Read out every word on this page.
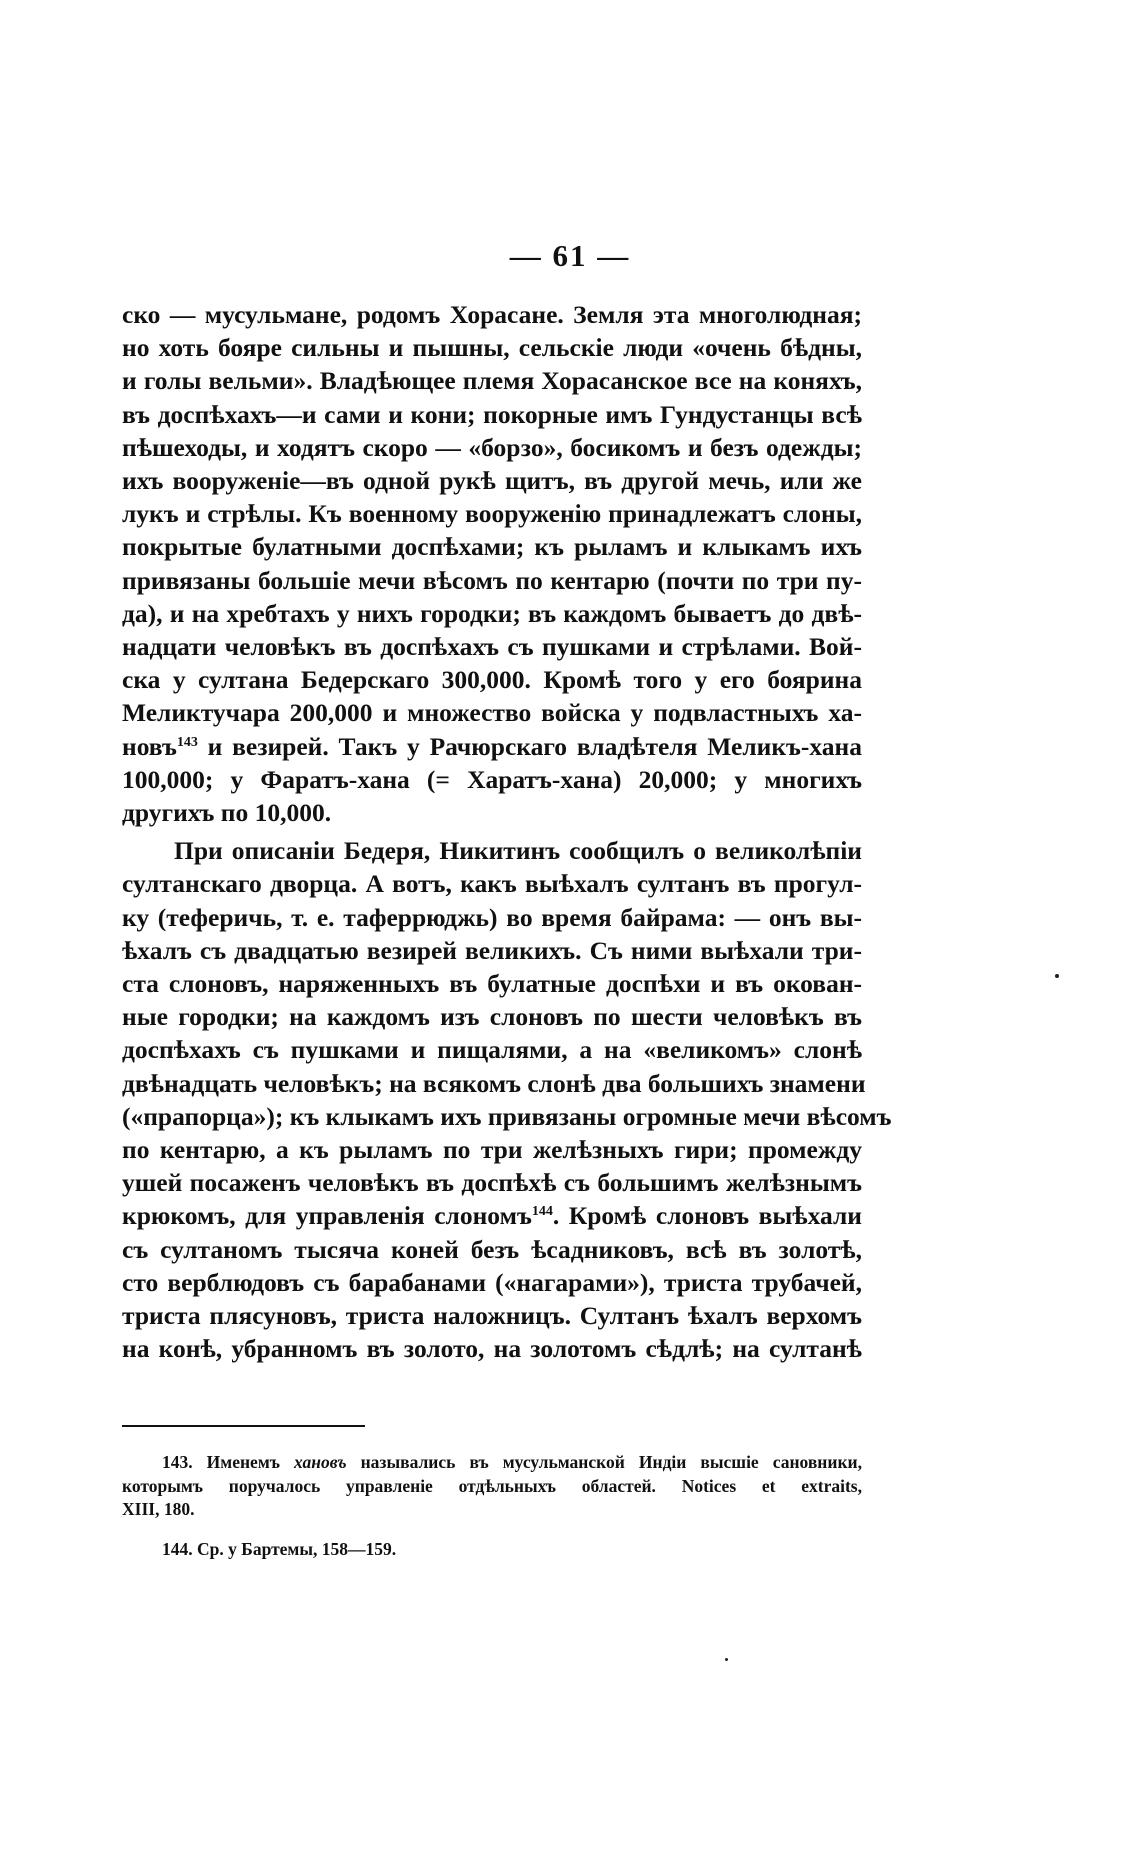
— 61 —
ско — мусульмане, родомъ Хорасане. Земля эта многолюдная;
но хоть бояре сильны и пышны, сельскіе люди «очень бѣдны,
и голы вельми». Владѣющее племя Хорасанское все на коняхъ,
въ доспѣхахъ—и сами и кони; покорные имъ Гундустанцы всѣ
пѣшеходы, и ходятъ скоро — «борзо», босикомъ и безъ одежды;
ихъ вооруженіе—въ одной рукѣ щитъ, въ другой мечь, или же
лукъ и стрѣлы. Къ военному вооруженію принадлежатъ слоны,
покрытые булатными доспѣхами; къ рыламъ и клыкамъ ихъ
привязаны большіе мечи вѣсомъ по кентарю (почти по три пу-
да), и на хребтахъ у нихъ городки; въ каждомъ бываетъ до двѣ-
надцати человѣкъ въ доспѣхахъ съ пушками и стрѣлами. Вой-
ска у султана Бедерскаго 300,000. Кромѣ того у его боярина
Меликтучара 200,000 и множество войска у подвластныхъ ха-
новъ$^{143}$ и везирей. Такъ у Рачюрскаго владѣтеля Меликъ-хана
100,000; у Фаратъ-хана (= Харатъ-хана) 20,000; у многихъ
другихъ по 10,000.
При описаніи Бедеря, Никитинъ сообщилъ о великолѣпіи
султанскаго дворца. А вотъ, какъ выѣхалъ султанъ въ прогул-
ку (теферичь, т. е. таферрюджь) во время байрама: — онъ вы-
ѣхалъ съ двадцатью везирей великихъ. Съ ними выѣхали три-
ста слоновъ, наряженныхъ въ булатные доспѣхи и въ окован-
ные городки; на каждомъ изъ слоновъ по шести человѣкъ въ
доспѣхахъ съ пушками и пищалями, а на «великомъ» слонѣ
двѣнадцать человѣкъ; на всякомъ слонѣ два большихъ знамени
(«прапорца»); къ клыкамъ ихъ привязаны огромные мечи вѣсомъ
по кентарю, а къ рыламъ по три желѣзныхъ гири; промежду
ушей посаженъ человѣкъ въ доспѣхѣ съ большимъ желѣзнымъ
крюкомъ, для управленія слономъ$^{144}$. Кромѣ слоновъ выѣхали
съ султаномъ тысяча коней безъ ѣсадниковъ, всѣ въ золотѣ,
сто верблюдовъ съ барабанами («нагарами»), триста трубачей,
триста плясуновъ, триста наложницъ. Султанъ ѣхалъ верхомъ
на конѣ, убранномъ въ золото, на золотомъ сѣдлѣ; на султанѣ
143. Именемъ хановъ назывались въ мусульманской Индіи высшіе сановники,
которымъ поручалось управленіе отдѣльныхъ областей. Notices et extraits,
XIII, 180.
144. Ср. у Бартемы, 158—159.
